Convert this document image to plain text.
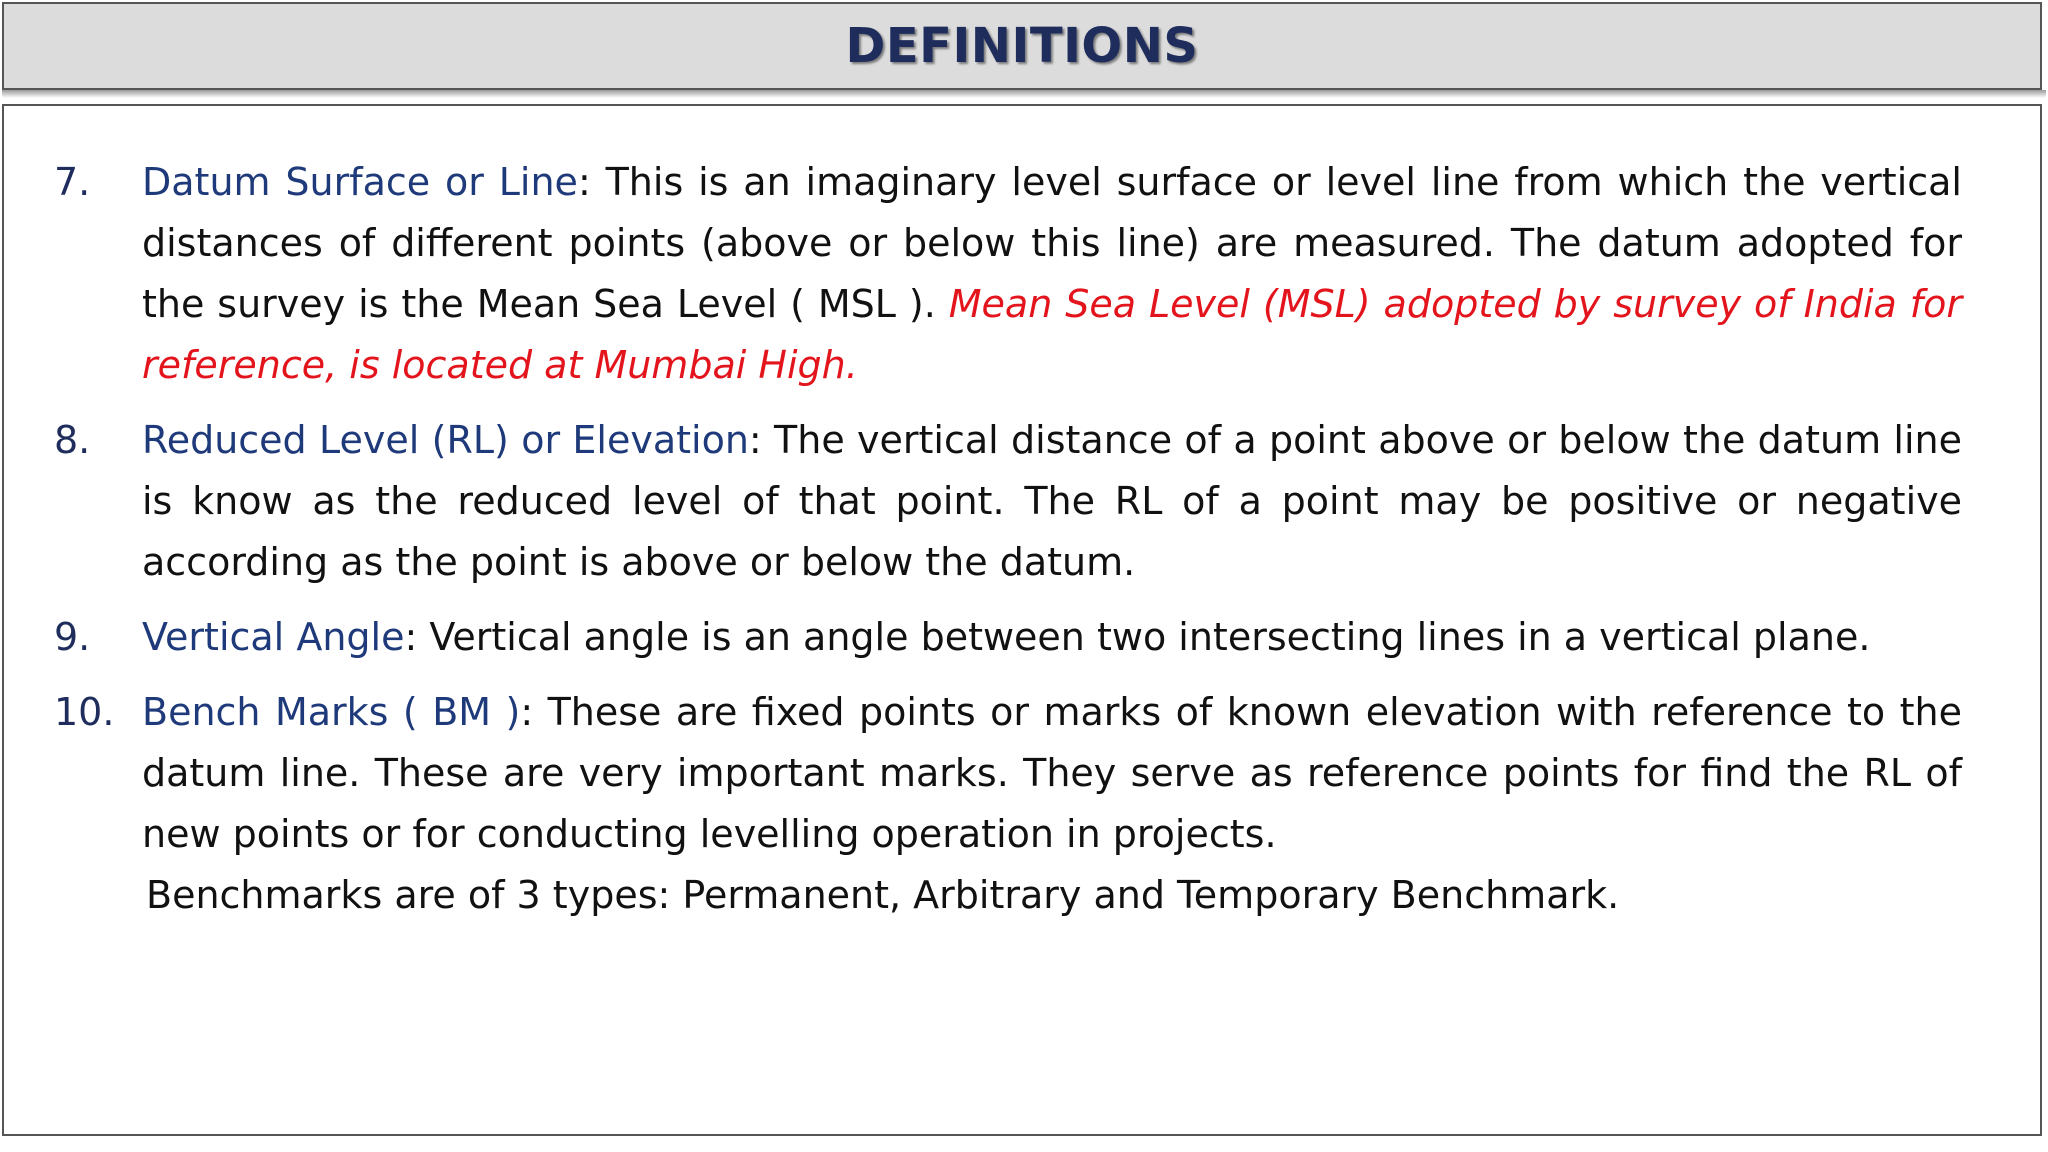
DEFINITIONS
7.	Datum Surface or Line: This is an imaginary level surface or level line from which the vertical distances of different points (above or below this line) are measured. The datum adopted for the survey is the Mean Sea Level ( MSL ). Mean Sea Level (MSL) adopted by survey of India for reference, is located at Mumbai High.
8.	Reduced Level (RL) or Elevation: The vertical distance of a point above or below the datum line is know as the reduced level of that point. The RL of a point may be positive or negative according as the point is above or below the datum.
9.	Vertical Angle: Vertical angle is an angle between two intersecting lines in a vertical plane.
10. Bench Marks ( BM ): These are fixed points or marks of known elevation with reference to the datum line. These are very important marks. They serve as reference points for find the RL of new points or for conducting levelling operation in projects.
Benchmarks are of 3 types: Permanent, Arbitrary and Temporary Benchmark.
